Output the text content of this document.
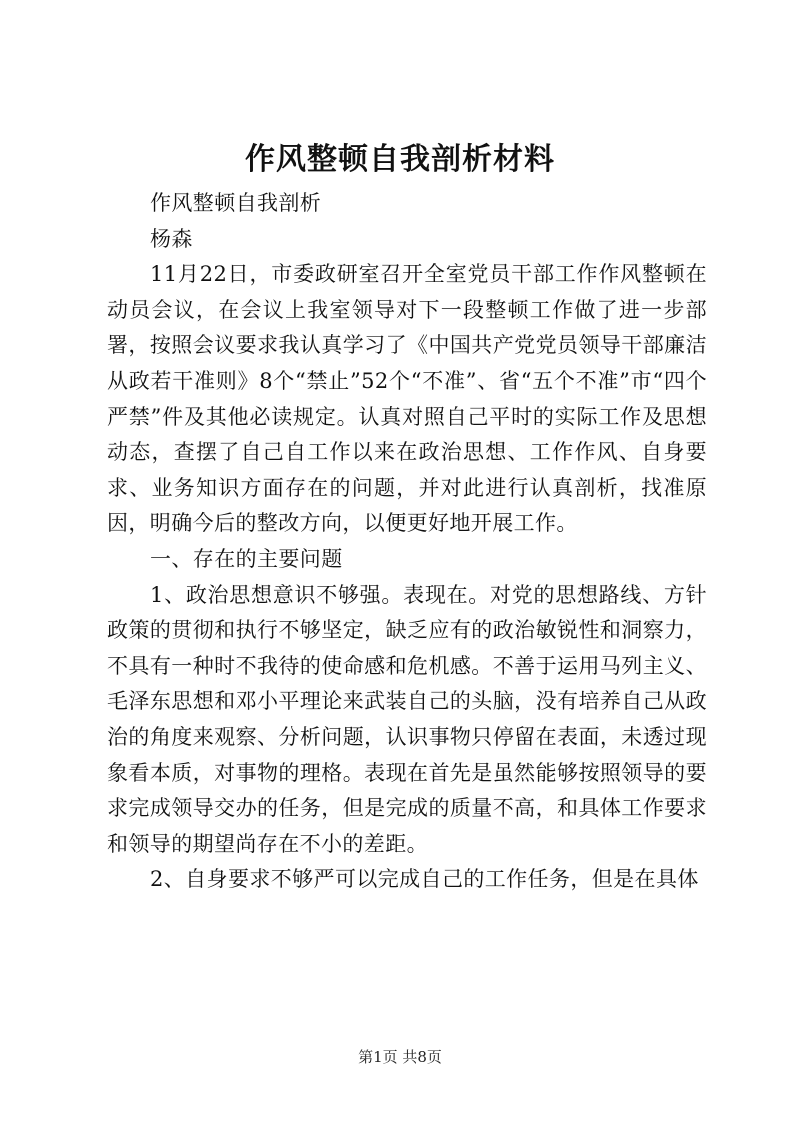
作风整顿自我剖析材料

作风整顿自我剖析

杨森

11月22日，市委政研室召开全室党员干部工作作风整顿在动员会议，在会议上我室领导对下一段整顿工作做了进一步部署，按照会议要求我认真学习了《中国共产党党员领导干部廉洁从政若干准则》8个“禁止”52个“不准”、省“五个不准”市“四个严禁”件及其他必读规定。认真对照自己平时的实际工作及思想动态，查摆了自己自工作以来在政治思想、工作作风、自身要求、业务知识方面存在的问题，并对此进行认真剖析，找准原因，明确今后的整改方向，以便更好地开展工作。

一、存在的主要问题

1、政治思想意识不够强。表现在。对党的思想路线、方针政策的贯彻和执行不够坚定，缺乏应有的政治敏锐性和洞察力，不具有一种时不我待的使命感和危机感。不善于运用马列主义、毛泽东思想和邓小平理论来武装自己的头脑，没有培养自己从政治的角度来观察、分析问题，认识事物只停留在表面，未透过现象看本质，对事物的理格。表现在首先是虽然能够按照领导的要求完成领导交办的任务，但是完成的质量不高，和具体工作要求和领导的期望尚存在不小的差距。

2、自身要求不够严可以完成自己的工作任务，但是在具体

第1页 共8页
